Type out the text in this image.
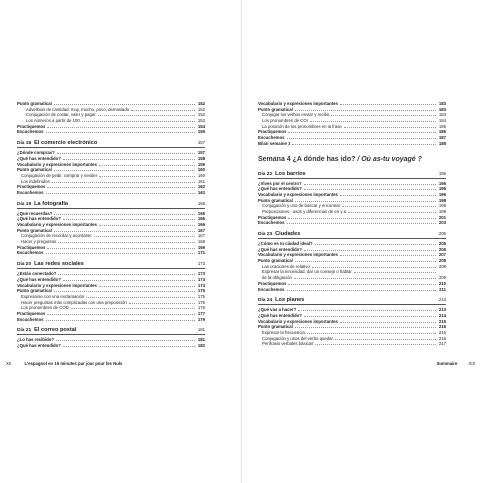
Punto gramatical	152
Adverbios de cantidad: muy, mucho, poco, demasiado	152
Conjugación de costar, valer y pagar	152
Los números a partir de 100	153
Practiquemos	154
Escuchemos	155
Día 18 El comercio electrónico	157
¿Dónde compras?	157
¿Qué has entendido?	158
Vocabulario y expresiones importantes	159
Punto gramatical	160
Conjugación de pedir, comprar y vender	160
Los indefinidos	161
Practiquemos	162
Escuchemos	163
Día 19 La fotografía	165
¿Qué recuerdas?	165
¿Qué has entendido?	166
Vocabulario y expresiones importantes	166
Punto gramatical	167
Conjugación de recordar y acordarse	167
Hacer y preguntas	168
Practiquemos	169
Escuchemos	171
Día 20 Las redes sociales	173
¿Estás conectado?	173
¿Qué has entendido?	174
Vocabulario y expresiones importantes	174
Punto gramatical	175
Expresarse con una exclamación	175
Hacer preguntas más complicadas con una preposición	175
Los pronombres de COD	176
Practiquemos	177
Escuchemos	179
Día 21 El correo postal	181
¿Lo has recibido?	181
¿Qué has entendido?	182
XII	L'espagnol en 15 minutes par jour pour les Nuls
Vocabulario y expresiones importantes	183
Punto gramatical	183
Conjugar los verbos enviar y recibir	183
Los pronombres de COI	184
La posición de los pronombres en la frase	185
Practiquemos	185
Escuchemos	187
Bilan semaine 3	188
Semana 4 ¿A dónde has ido? / Où as-tu voyagé ?
Día 22 Los barrios	195
¿Vives por el centro?	195
¿Qué has entendido?	196
Vocabulario y expresiones importantes	196
Punto gramatical	198
Conjugación y uso de buscar y encontrar	198
Preposiciones - usos y diferencias de en y a	199
Practiquemos	201
Escuchemos	203
Día 23 Ciudades	205
¿Cómo es tu ciudad ideal?	205
¿Qué has entendido?	206
Vocabulario y expresiones importantes	207
Punto gramatical	208
Las oraciones de relativo	208
Expresar la necesidad, dar un consejo o hablar
de la obligación	209
Practiquemos	210
Escuchemos	211
Día 24 Los planes	213
¿Qué vas a hacer?	213
¿Qué has entendido?	214
Vocabulario y expresiones importantes	215
Punto gramatical	216
Expresar la frecuencia	216
Conjugación y usos del verbo quedar	216
Perífrasis verbales básicas	217
Summaire	XIII
